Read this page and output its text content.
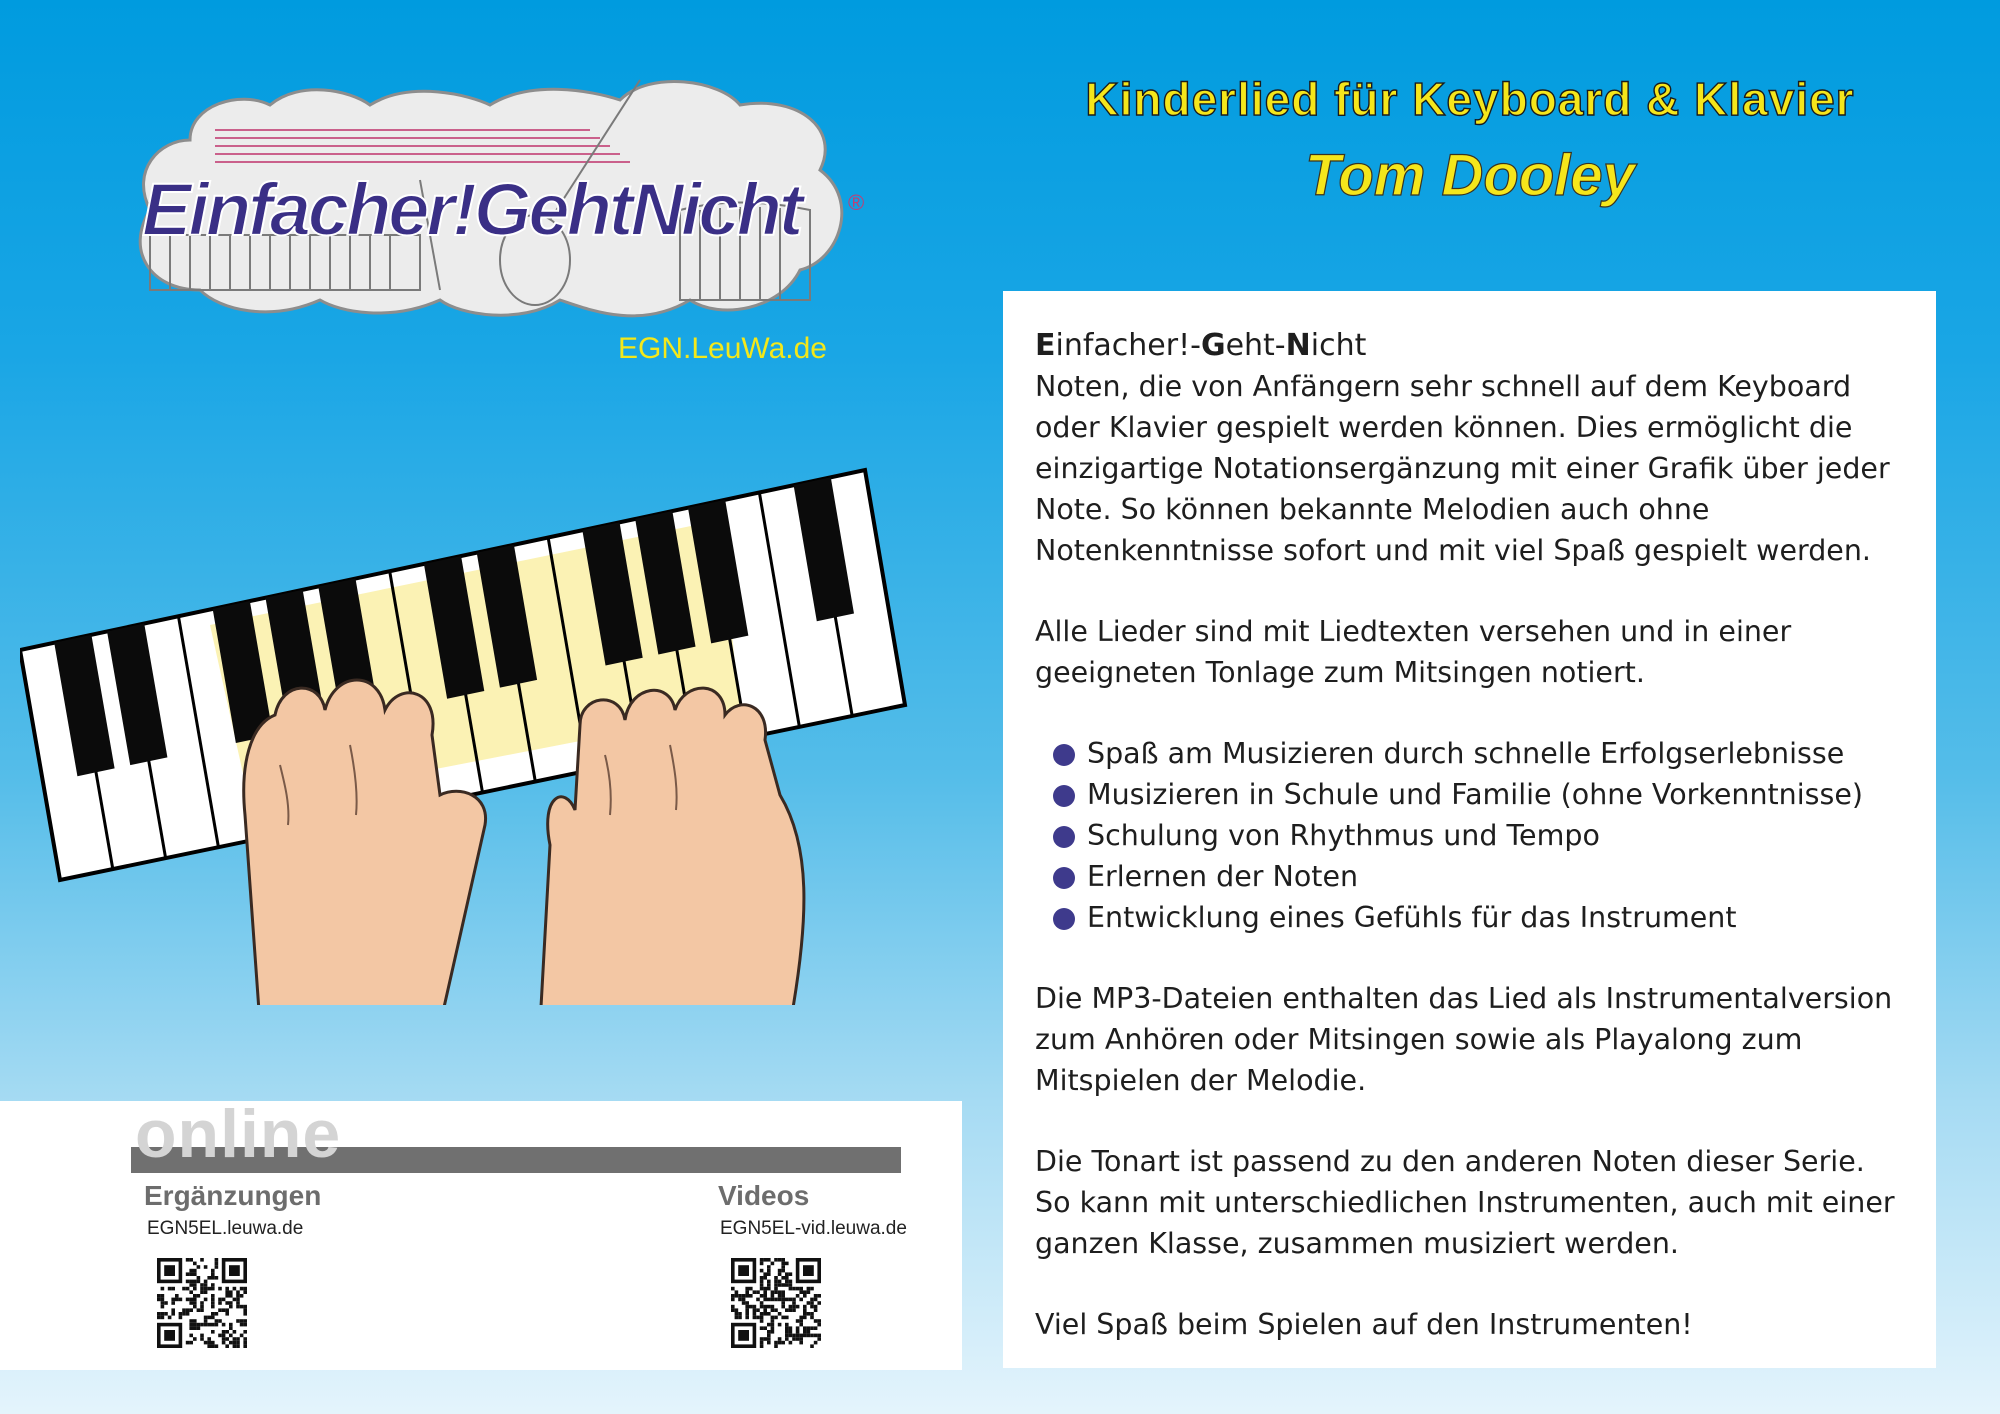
Einfacher!GehtNicht ®
EGN.LeuWa.de
Kinderlied für Keyboard & Klavier
Tom Dooley

Einfacher!-Geht-Nicht

Noten, die von Anfängern sehr schnell auf dem Keyboard oder Klavier gespielt werden können. Dies ermöglicht die einzigartige Notationsergänzung mit einer Grafik über jeder Note. So können bekannte Melodien auch ohne Notenkenntnisse sofort und mit viel Spaß gespielt werden.

Alle Lieder sind mit Liedtexten versehen und in einer geeigneten Tonlage zum Mitsingen notiert.

Spaß am Musizieren durch schnelle Erfolgserlebnisse
Musizieren in Schule und Familie (ohne Vorkenntnisse)
Schulung von Rhythmus und Tempo
Erlernen der Noten
Entwicklung eines Gefühls für das Instrument

Die MP3-Dateien enthalten das Lied als Instrumentalversion zum Anhören oder Mitsingen sowie als Playalong zum Mitspielen der Melodie.

Die Tonart ist passend zu den anderen Noten dieser Serie.
So kann mit unterschiedlichen Instrumenten, auch mit einer ganzen Klasse, zusammen musiziert werden.

Viel Spaß beim Spielen auf den Instrumenten!

online
Ergänzungen
EGN5EL.leuwa.de
Videos
EGN5EL-vid.leuwa.de
